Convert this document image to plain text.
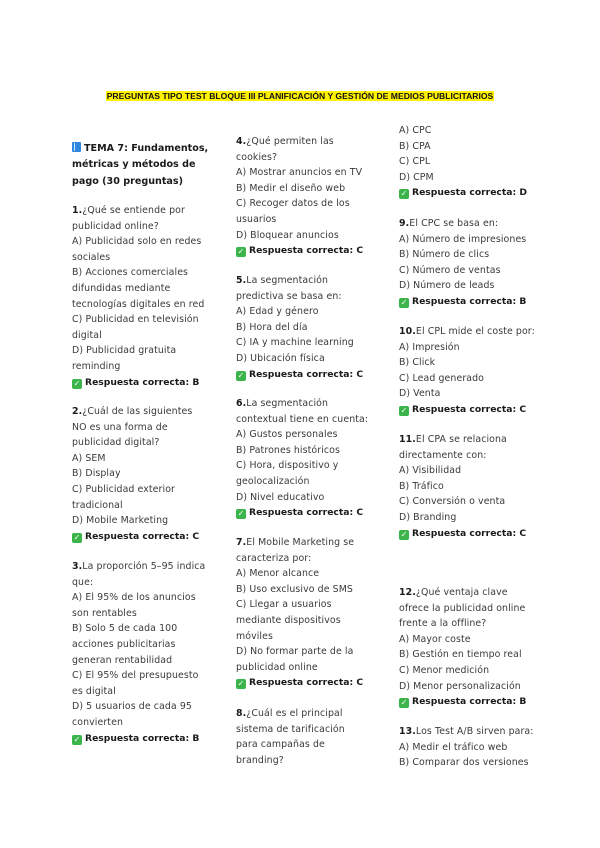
PREGUNTAS TIPO TEST BLOQUE III PLANIFICACIÓN Y GESTIÓN DE MEDIOS PUBLICITARIOS
TEMA 7: Fundamentos,
métricas y métodos de
pago (30 preguntas)
1.¿Qué se entiende por
publicidad online?
A) Publicidad solo en redes
sociales
B) Acciones comerciales
difundidas mediante
tecnologías digitales en red
C) Publicidad en televisión
digital
D) Publicidad gratuita
reminding
✓ Respuesta correcta: B
2.¿Cuál de las siguientes
NO es una forma de
publicidad digital?
A) SEM
B) Display
C) Publicidad exterior
tradicional
D) Mobile Marketing
✓ Respuesta correcta: C
3.La proporción 5–95 indica
que:
A) El 95% de los anuncios
son rentables
B) Solo 5 de cada 100
acciones publicitarias
generan rentabilidad
C) El 95% del presupuesto
es digital
D) 5 usuarios de cada 95
convierten
✓ Respuesta correcta: B
4.¿Qué permiten las
cookies?
A) Mostrar anuncios en TV
B) Medir el diseño web
C) Recoger datos de los
usuarios
D) Bloquear anuncios
✓ Respuesta correcta: C
5.La segmentación
predictiva se basa en:
A) Edad y género
B) Hora del día
C) IA y machine learning
D) Ubicación física
✓ Respuesta correcta: C
6.La segmentación
contextual tiene en cuenta:
A) Gustos personales
B) Patrones históricos
C) Hora, dispositivo y
geolocalización
D) Nivel educativo
✓ Respuesta correcta: C
7.El Mobile Marketing se
caracteriza por:
A) Menor alcance
B) Uso exclusivo de SMS
C) Llegar a usuarios
mediante dispositivos
móviles
D) No formar parte de la
publicidad online
✓ Respuesta correcta: C
8.¿Cuál es el principal
sistema de tarificación
para campañas de
branding?
A) CPC
B) CPA
C) CPL
D) CPM
✓ Respuesta correcta: D
9.El CPC se basa en:
A) Número de impresiones
B) Número de clics
C) Número de ventas
D) Número de leads
✓ Respuesta correcta: B
10.El CPL mide el coste por:
A) Impresión
B) Click
C) Lead generado
D) Venta
✓ Respuesta correcta: C
11.El CPA se relaciona
directamente con:
A) Visibilidad
B) Tráfico
C) Conversión o venta
D) Branding
✓ Respuesta correcta: C
12.¿Qué ventaja clave
ofrece la publicidad online
frente a la offline?
A) Mayor coste
B) Gestión en tiempo real
C) Menor medición
D) Menor personalización
✓ Respuesta correcta: B
13.Los Test A/B sirven para:
A) Medir el tráfico web
B) Comparar dos versiones
